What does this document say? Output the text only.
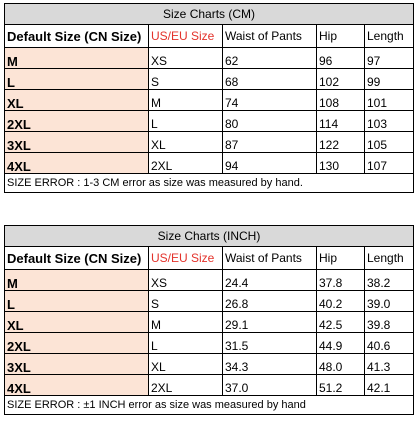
Size Charts (CM)				
Default Size (CN Size)	US/EU Size	Waist of Pants	Hip	Length

M	XS	62	96	97

L	S	68	102	99

XL	M	74	108	101

2XL	L	80	114	103

3XL	XL	87	122	105

4XL	2XL	94	130	107

SIZE ERROR : 1-3 CM error as size was measured by hand.				
Size Charts (INCH)				
Default Size (CN Size)	US/EU Size	Waist of Pants	Hip	Length

M	XS	24.4	37.8	38.2

L	S	26.8	40.2	39.0

XL	M	29.1	42.5	39.8

2XL	L	31.5	44.9	40.6

3XL	XL	34.3	48.0	41.3

4XL	2XL	37.0	51.2	42.1

SIZE ERROR : ±1 INCH error as size was measured by hand				
